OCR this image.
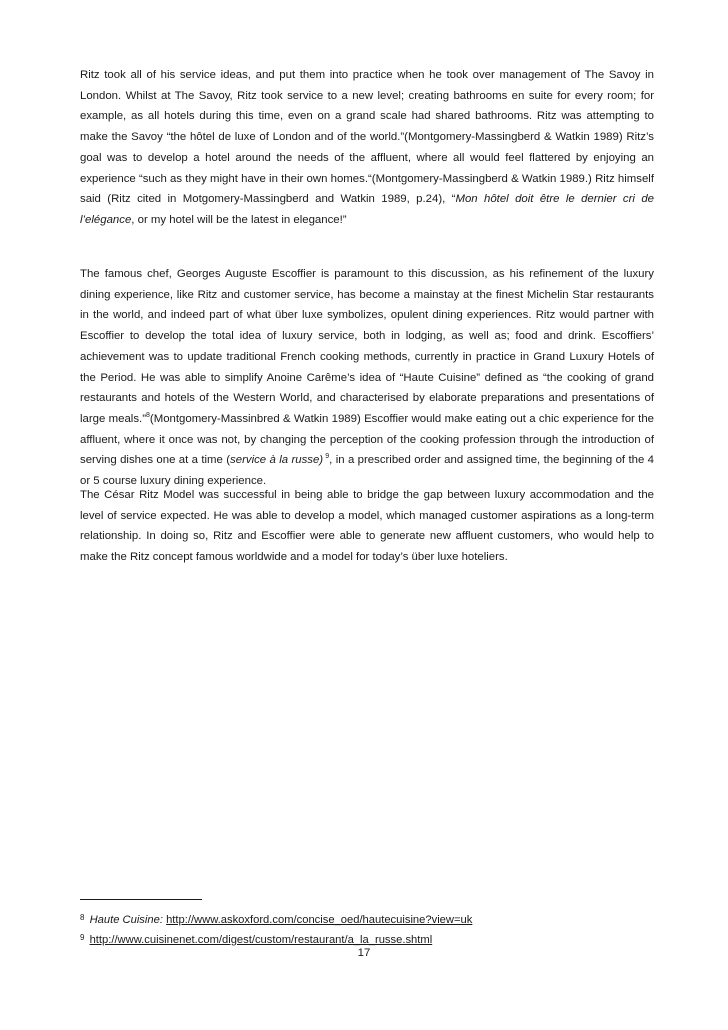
Ritz took all of his service ideas, and put them into practice when he took over management of The Savoy in London. Whilst at The Savoy, Ritz took service to a new level; creating bathrooms en suite for every room; for example, as all hotels during this time, even on a grand scale had shared bathrooms. Ritz was attempting to make the Savoy “the hôtel de luxe of London and of the world.”(Montgomery-Massingberd & Watkin 1989) Ritz’s goal was to develop a hotel around the needs of the affluent, where all would feel flattered by enjoying an experience “such as they might have in their own homes.“(Montgomery-Massingberd & Watkin 1989.) Ritz himself said (Ritz cited in Motgomery-Massingberd and Watkin 1989, p.24), “Mon hôtel doit être le dernier cri de l’elégance, or my hotel will be the latest in elegance!”

The famous chef, Georges Auguste Escoffier is paramount to this discussion, as his refinement of the luxury dining experience, like Ritz and customer service, has become a mainstay at the finest Michelin Star restaurants in the world, and indeed part of what über luxe symbolizes, opulent dining experiences. Ritz would partner with Escoffier to develop the total idea of luxury service, both in lodging, as well as; food and drink. Escoffiers’ achievement was to update traditional French cooking methods, currently in practice in Grand Luxury Hotels of the Period. He was able to simplify Anoine Carême’s idea of “Haute Cuisine” defined as “the cooking of grand restaurants and hotels of the Western World, and characterised by elaborate preparations and presentations of large meals.”$^8$(Montgomery-Massinbred & Watkin 1989) Escoffier would make eating out a chic experience for the affluent, where it once was not, by changing the perception of the cooking profession through the introduction of serving dishes one at a time (service à la russe) $^9$, in a prescribed order and assigned time, the beginning of the 4 or 5 course luxury dining experience.

The César Ritz Model was successful in being able to bridge the gap between luxury accommodation and the level of service expected. He was able to develop a model, which managed customer aspirations as a long-term relationship. In doing so, Ritz and Escoffier were able to generate new affluent customers, who would help to make the Ritz concept famous worldwide and a model for today’s über luxe hoteliers.

$^8$ Haute Cuisine: http://www.askoxford.com/concise_oed/hautecuisine?view=uk
$^9$ http://www.cuisinenet.com/digest/custom/restaurant/a_la_russe.shtml
17
